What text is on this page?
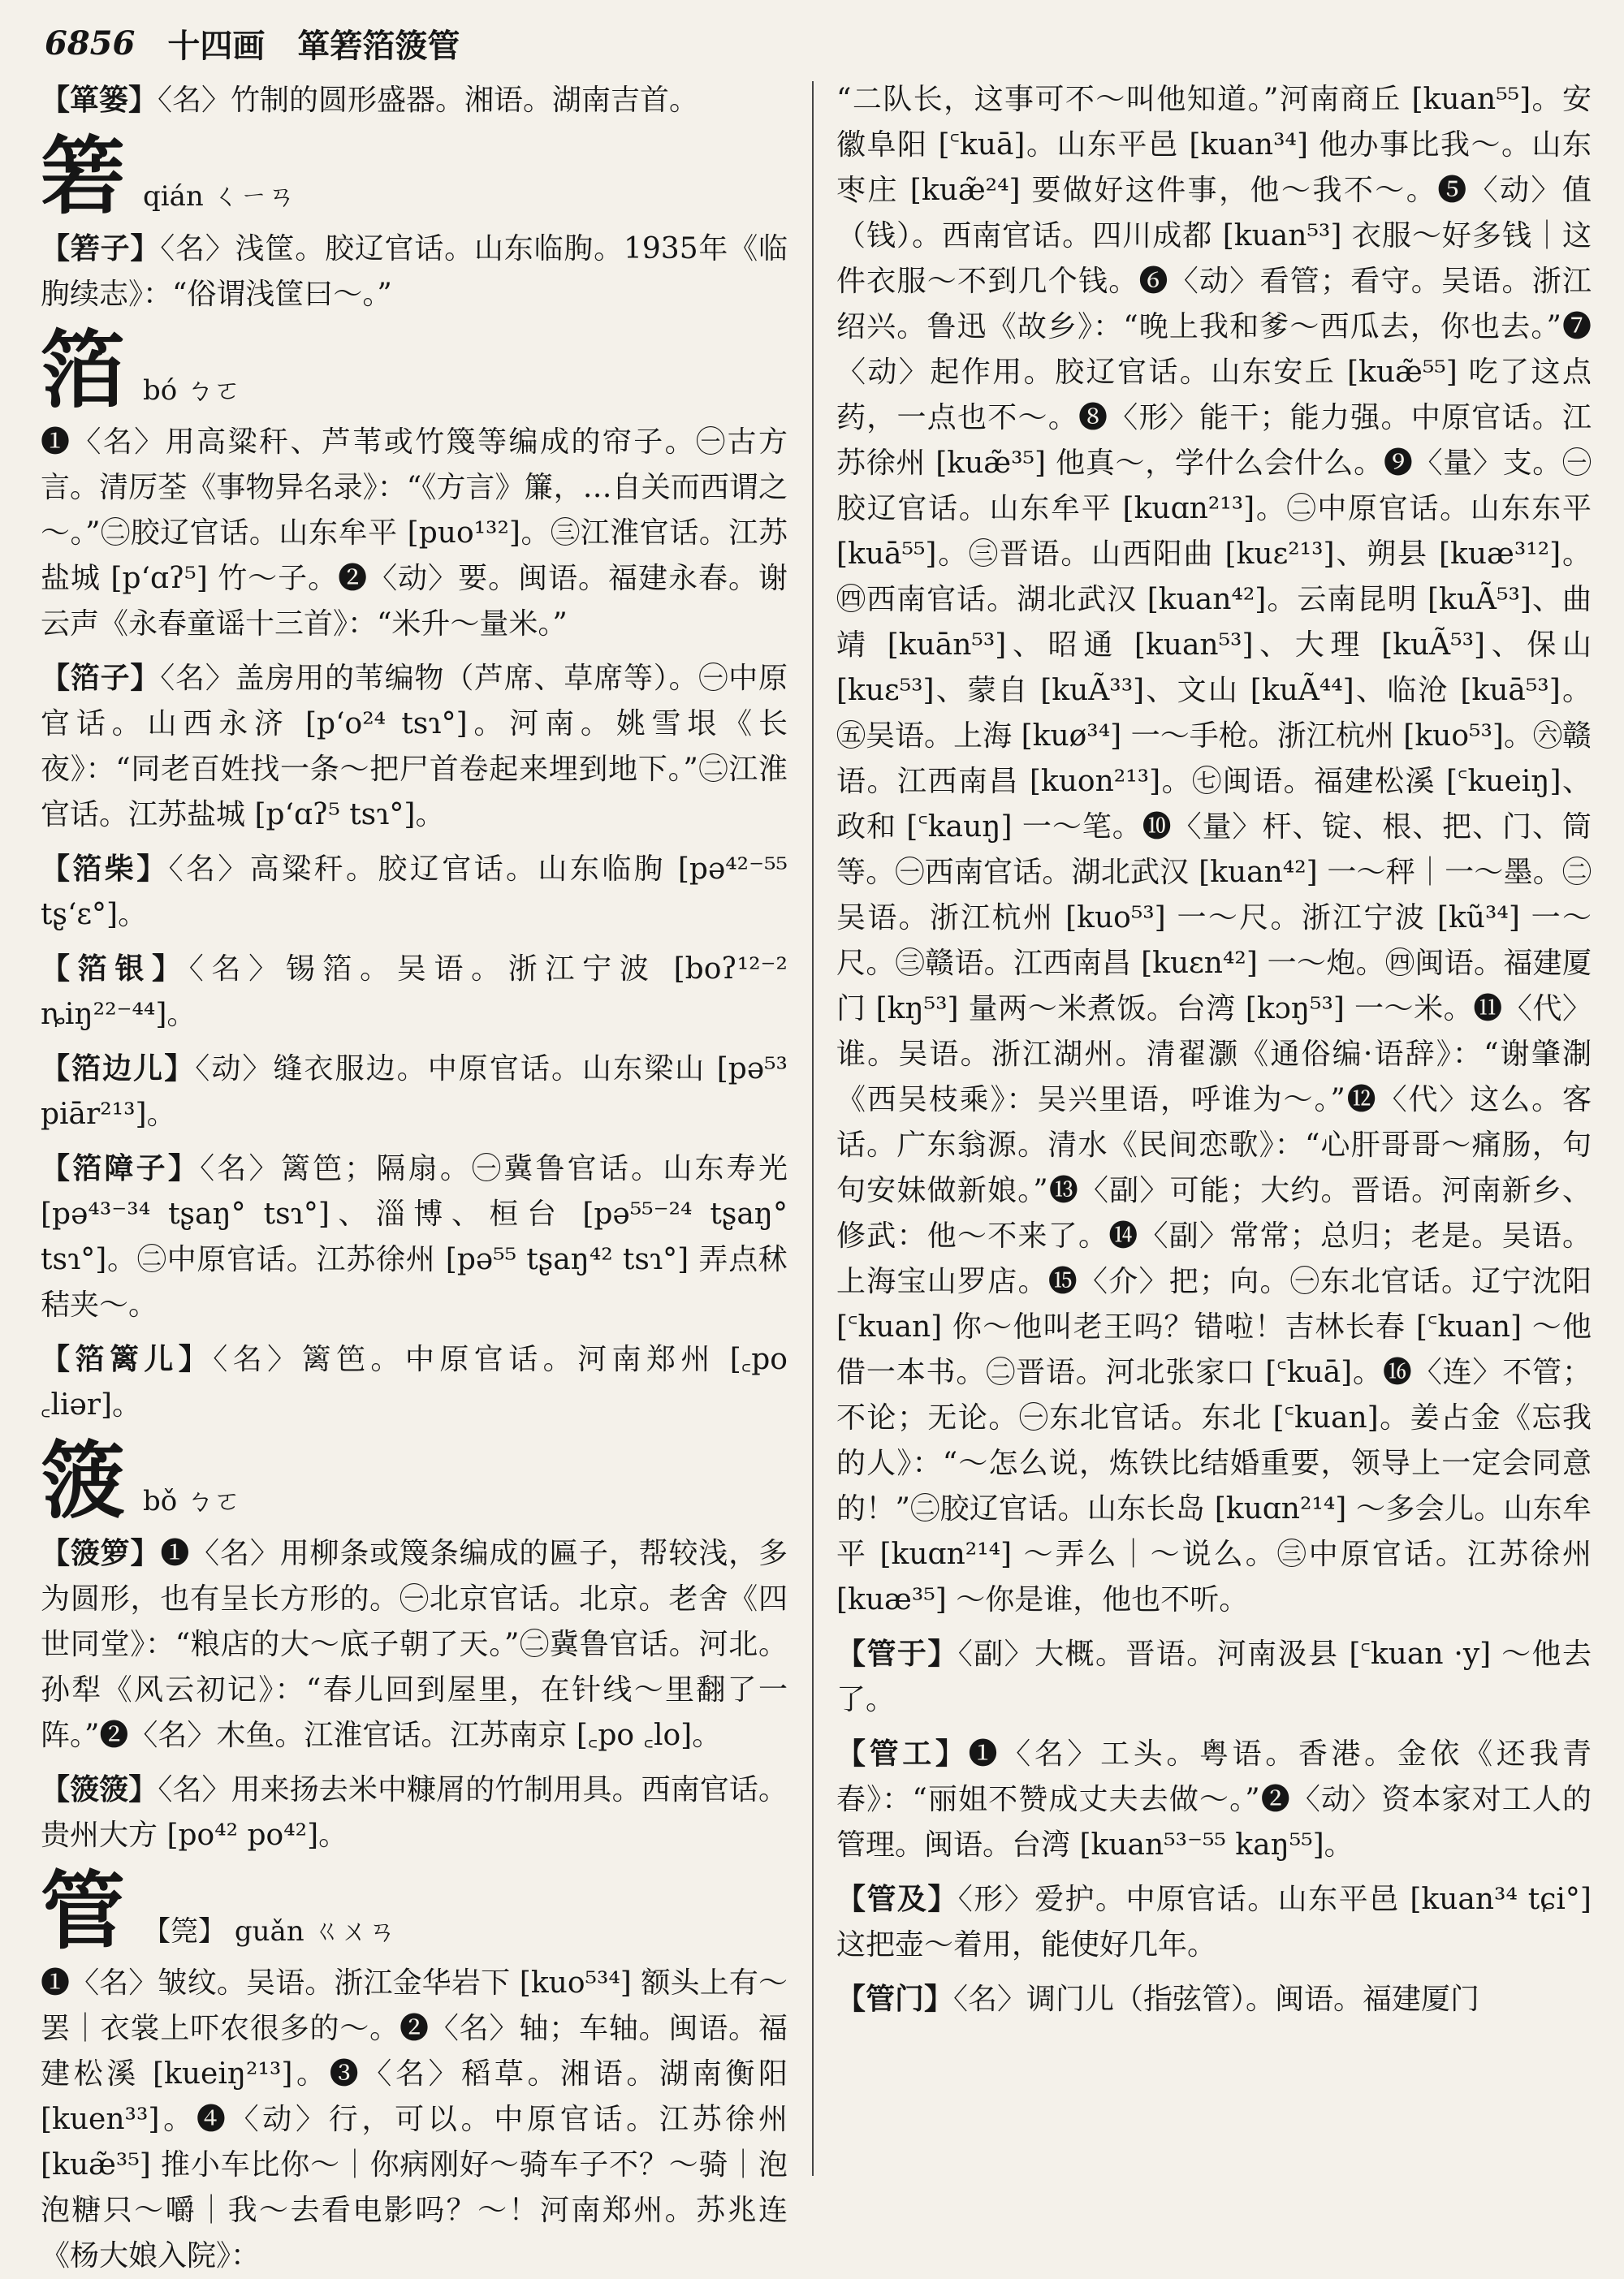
6856 十四画 箪箬箔箥管
【箪篓】〈名〉竹制的圆形盛器。湘语。湖南吉首。
箬 qián ㄑㄧㄢ
【箬子】〈名〉浅筐。胶辽官话。山东临朐。1935年《临朐续志》：“俗谓浅筐曰～。”
箔 bó ㄅㄛ
❶〈名〉用高粱秆、芦苇或竹篾等编成的帘子。㊀古方言。清厉荃《事物异名录》：“《方言》簾，…自关而西谓之～。”㊁胶辽官话。山东牟平 [puo¹³²]。㊂江淮官话。江苏盐城 [p‘ɑʔ⁵] 竹～子。❷〈动〉要。闽语。福建永春。谢云声《永春童谣十三首》：“米升～量米。”
【箔子】〈名〉盖房用的苇编物（芦席、草席等）。㊀中原官话。山西永济 [p‘o²⁴ tsɿ°]。河南。姚雪垠《长夜》：“同老百姓找一条～把尸首卷起来埋到地下。”㊁江淮官话。江苏盐城 [p‘ɑʔ⁵ tsɿ°]。
【箔柴】〈名〉高粱秆。胶辽官话。山东临朐 [pə⁴²⁻⁵⁵ tʂ‘ɛ°]。
【箔银】〈名〉锡箔。吴语。浙江宁波 [boʔ¹²⁻² ȵiŋ²²⁻⁴⁴]。
【箔边儿】〈动〉缝衣服边。中原官话。山东梁山 [pə⁵³ piār²¹³]。
【箔障子】〈名〉篱笆；隔扇。㊀冀鲁官话。山东寿光 [pə⁴³⁻³⁴ tʂaŋ° tsɿ°]、淄博、桓台 [pə⁵⁵⁻²⁴ tʂaŋ° tsɿ°]。㊁中原官话。江苏徐州 [pə⁵⁵ tʂaŋ⁴² tsɿ°] 弄点秫秸夹～。
【箔篱儿】〈名〉篱笆。中原官话。河南郑州 [꜀po ꜀liər]。
箥 bǒ ㄅㄛ
【箥箩】❶〈名〉用柳条或篾条编成的匾子，帮较浅，多为圆形，也有呈长方形的。㊀北京官话。北京。老舍《四世同堂》：“粮店的大～底子朝了天。”㊁冀鲁官话。河北。孙犁《风云初记》：“春儿回到屋里，在针线～里翻了一阵。”❷〈名〉木鱼。江淮官话。江苏南京 [꜀po ꜀lo]。
【箥箥】〈名〉用来扬去米中糠屑的竹制用具。西南官话。贵州大方 [po⁴² po⁴²]。
管 【筦】 guǎn ㄍㄨㄢ
❶〈名〉皱纹。吴语。浙江金华岩下 [kuo⁵³⁴] 额头上有～罢｜衣裳上吓农很多的～。❷〈名〉轴；车轴。闽语。福建松溪 [kueiŋ²¹³]。❸〈名〉稻草。湘语。湖南衡阳 [kuen³³]。❹〈动〉行，可以。中原官话。江苏徐州 [kuæ̃³⁵] 推小车比你～｜你病刚好～骑车子不？～骑｜泡泡糖只～嚼｜我～去看电影吗？～！河南郑州。苏兆连《杨大娘入院》：
“二队长，这事可不～叫他知道。”河南商丘 [kuan⁵⁵]。安徽阜阳 [꜂kuā]。山东平邑 [kuan³⁴] 他办事比我～。山东枣庄 [kuæ̃²⁴] 要做好这件事，他～我不～。❺〈动〉值（钱）。西南官话。四川成都 [kuan⁵³] 衣服～好多钱｜这件衣服～不到几个钱。❻〈动〉看管；看守。吴语。浙江绍兴。鲁迅《故乡》：“晚上我和爹～西瓜去，你也去。”❼〈动〉起作用。胶辽官话。山东安丘 [kuæ̃⁵⁵] 吃了这点药，一点也不～。❽〈形〉能干；能力强。中原官话。江苏徐州 [kuæ̃³⁵] 他真～，学什么会什么。❾〈量〉支。㊀胶辽官话。山东牟平 [kuɑn²¹³]。㊁中原官话。山东东平 [kuā⁵⁵]。㊂晋语。山西阳曲 [kuɛ²¹³]、朔县 [kuæ³¹²]。㊃西南官话。湖北武汉 [kuan⁴²]。云南昆明 [kuÃ⁵³]、曲靖 [kuān⁵³]、昭通 [kuan⁵³]、大理 [kuÃ⁵³]、保山 [kuɛ⁵³]、蒙自 [kuÃ³³]、文山 [kuÃ⁴⁴]、临沧 [kuā⁵³]。㊄吴语。上海 [kuø³⁴] 一～手枪。浙江杭州 [kuo⁵³]。㊅赣语。江西南昌 [kuon²¹³]。㊆闽语。福建松溪 [꜂kueiŋ]、政和 [꜂kauŋ] 一～笔。❿〈量〉杆、锭、根、把、门、筒等。㊀西南官话。湖北武汉 [kuan⁴²] 一～秤｜一～墨。㊁吴语。浙江杭州 [kuo⁵³] 一～尺。浙江宁波 [kũ³⁴] 一～尺。㊂赣语。江西南昌 [kuɛn⁴²] 一～炮。㊃闽语。福建厦门 [kŋ⁵³] 量两～米煮饭。台湾 [kɔŋ⁵³] 一～米。⓫〈代〉谁。吴语。浙江湖州。清翟灏《通俗编·语辞》：“谢肇淛《西吴枝乘》：吴兴里语，呼谁为～。”⓬〈代〉这么。客话。广东翁源。清水《民间恋歌》：“心肝哥哥～痛肠，句句安妹做新娘。”⓭〈副〉可能；大约。晋语。河南新乡、修武：他～不来了。⓮〈副〉常常；总归；老是。吴语。上海宝山罗店。⓯〈介〉把；向。㊀东北官话。辽宁沈阳 [꜂kuan] 你～他叫老王吗？错啦！吉林长春 [꜂kuan] ～他借一本书。㊁晋语。河北张家口 [꜂kuā]。⓰〈连〉不管；不论；无论。㊀东北官话。东北 [꜂kuan]。姜占金《忘我的人》：“～怎么说，炼铁比结婚重要，领导上一定会同意的！”㊁胶辽官话。山东长岛 [kuɑn²¹⁴] ～多会儿。山东牟平 [kuɑn²¹⁴] ～弄么｜～说么。㊂中原官话。江苏徐州 [kuæ³⁵] ～你是谁，他也不听。
【管于】〈副〉大概。晋语。河南汲县 [꜂kuan ·y] ～他去了。
【管工】❶〈名〉工头。粤语。香港。金依《还我青春》：“丽姐不赞成丈夫去做～。”❷〈动〉资本家对工人的管理。闽语。台湾 [kuan⁵³⁻⁵⁵ kaŋ⁵⁵]。
【管及】〈形〉爱护。中原官话。山东平邑 [kuan³⁴ tɕi°] 这把壶～着用，能使好几年。
【管门】〈名〉调门儿（指弦管）。闽语。福建厦门
